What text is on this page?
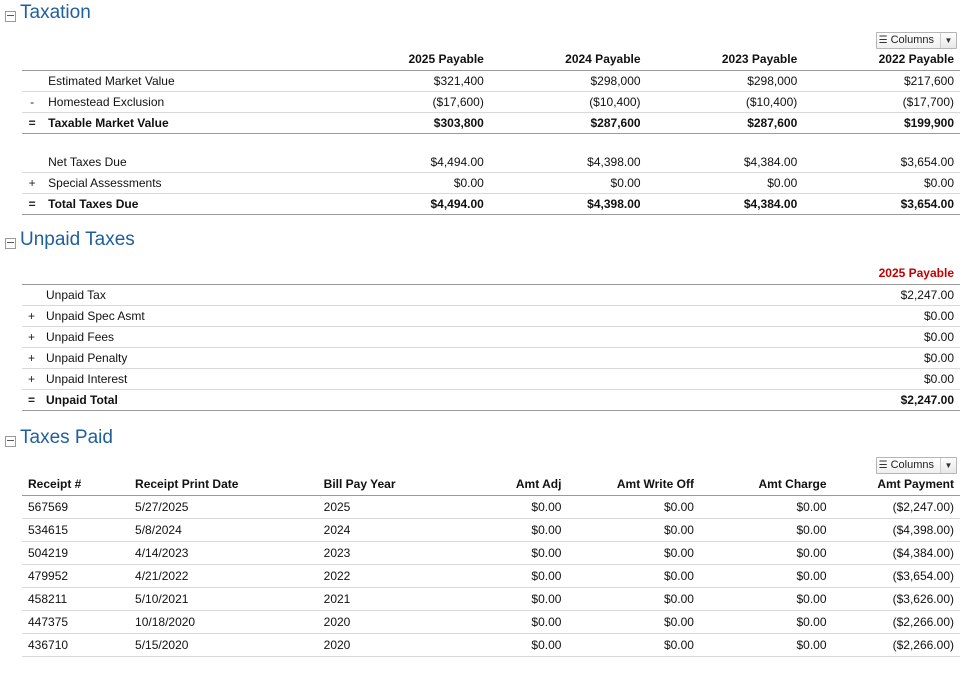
Taxation
☰ Columns	▼
		2025 Payable	2024 Payable	2023 Payable	2022 Payable
	Estimated Market Value	$321,400	$298,000	$298,000	$217,600
-	Homestead Exclusion	($17,600)	($10,400)	($10,400)	($17,700)
=	Taxable Market Value	$303,800	$287,600	$287,600	$199,900

	Net Taxes Due	$4,494.00	$4,398.00	$4,384.00	$3,654.00
+	Special Assessments	$0.00	$0.00	$0.00	$0.00
=	Total Taxes Due	$4,494.00	$4,398.00	$4,384.00	$3,654.00
Unpaid Taxes
		2025 Payable
	Unpaid Tax	$2,247.00
+	Unpaid Spec Asmt	$0.00
+	Unpaid Fees	$0.00
+	Unpaid Penalty	$0.00
+	Unpaid Interest	$0.00
=	Unpaid Total	$2,247.00
Taxes Paid
☰ Columns	▼
Receipt #	Receipt Print Date	Bill Pay Year	Amt Adj	Amt Write Off	Amt Charge	Amt Payment
567569	5/27/2025	2025	$0.00	$0.00	$0.00	($2,247.00)
534615	5/8/2024	2024	$0.00	$0.00	$0.00	($4,398.00)
504219	4/14/2023	2023	$0.00	$0.00	$0.00	($4,384.00)
479952	4/21/2022	2022	$0.00	$0.00	$0.00	($3,654.00)
458211	5/10/2021	2021	$0.00	$0.00	$0.00	($3,626.00)
447375	10/18/2020	2020	$0.00	$0.00	$0.00	($2,266.00)
436710	5/15/2020	2020	$0.00	$0.00	$0.00	($2,266.00)
